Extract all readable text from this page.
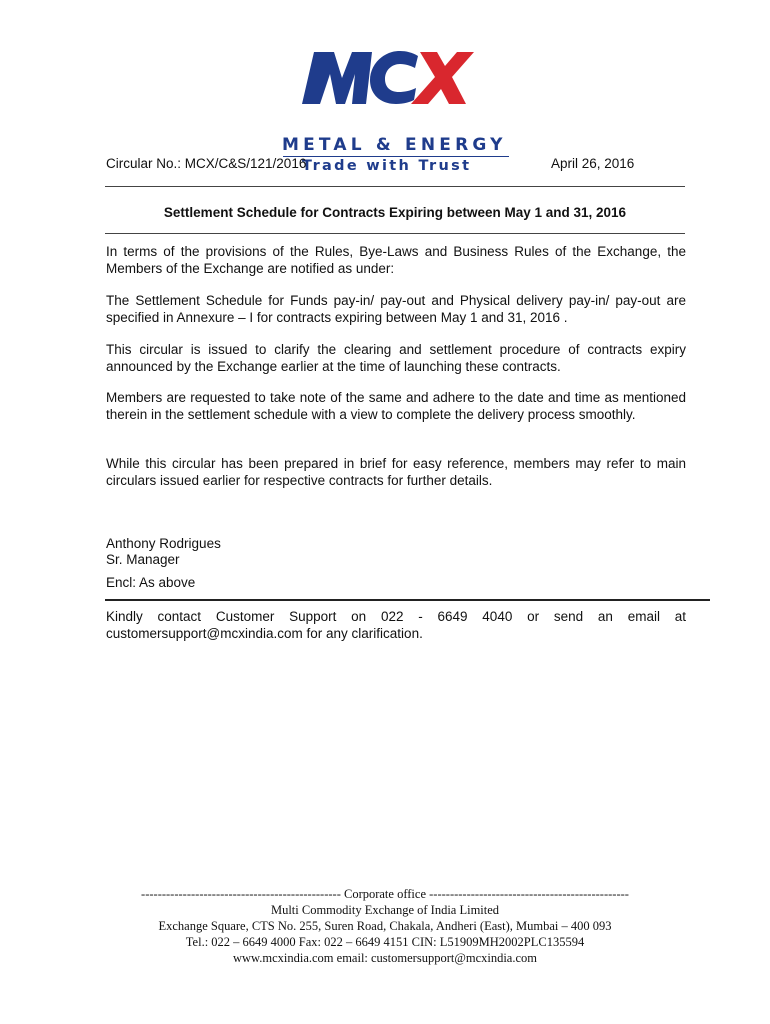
METAL & ENERGY
Trade with Trust
Circular No.: MCX/C&S/121/2016	April 26, 2016
Settlement Schedule for Contracts Expiring between May 1 and 31, 2016
In terms of the provisions of the Rules, Bye-Laws and Business Rules of the Exchange, the Members of the Exchange are notified as under:
The Settlement Schedule for Funds pay-in/ pay-out and Physical delivery pay-in/ pay-out are specified in Annexure – I for contracts expiring between May 1 and 31, 2016 .
This circular is issued to clarify the clearing and settlement procedure of contracts expiry announced by the Exchange earlier at the time of launching these contracts.
Members are requested to take note of the same and adhere to the date and time as mentioned therein in the settlement schedule with a view to complete the delivery process smoothly.
While this circular has been prepared in brief for easy reference, members may refer to main circulars issued earlier for respective contracts for further details.
Anthony Rodrigues
Sr. Manager
Encl: As above
Kindly contact Customer Support on 022 - 6649 4040 or send an email at
customersupport@mcxindia.com for any clarification.
------------------------------------------------ Corporate office ------------------------------------------------
Multi Commodity Exchange of India Limited
Exchange Square, CTS No. 255, Suren Road, Chakala, Andheri (East), Mumbai – 400 093
Tel.: 022 – 6649 4000 Fax: 022 – 6649 4151 CIN: L51909MH2002PLC135594
www.mcxindia.com email: customersupport@mcxindia.com
